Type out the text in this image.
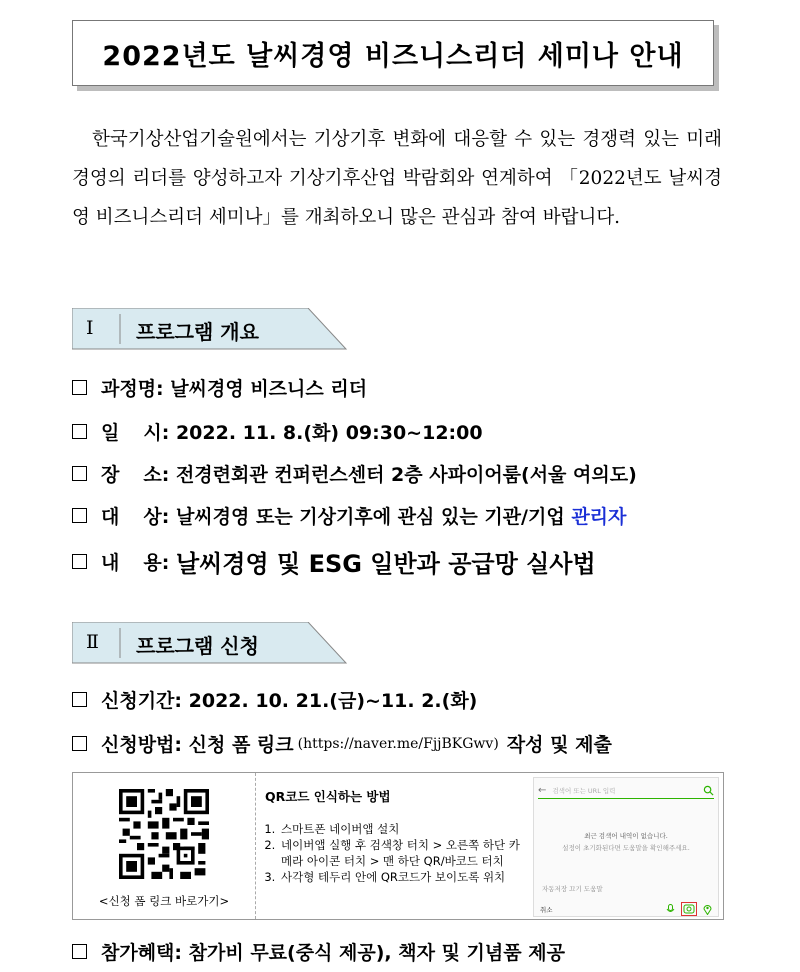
2022년도 날씨경영 비즈니스리더 세미나 안내

한국기상산업기술원에서는 기상기후 변화에 대응할 수 있는 경쟁력 있는 미래경영의 리더를 양성하고자 기상기후산업 박람회와 연계하여 「2022년도 날씨경영 비즈니스리더 세미나」를 개최하오니 많은 관심과 참여 바랍니다.

Ⅰ 프로그램 개요
과정명:
날씨경영 비즈니스 리더
일 시:
2022. 11. 8.(화) 09:30~12:00
장 소:
전경련회관 컨퍼런스센터 2층 사파이어룸(서울 여의도)
대 상:
날씨경영 또는 기상기후에 관심 있는 기관/기업
관리자
내 용:
날씨경영 및 ESG 일반과 공급망 실사법
Ⅱ 프로그램 신청
신청기간:
2022. 10. 21.(금)~11. 2.(화)
신청방법:
신청 폼 링크 (https://naver.me/FjjBKGwv) 작성 및 제출
<신청 폼 링크 바로가기>
QR코드 인식하는 방법
1. 스마트폰 네이버앱 설치
2. 네이버앱 실행 후 검색창 터치 > 오른쪽 하단 카메라 아이콘 터치 > 맨 하단 QR/바코드 터치
3. 사각형 테두리 안에 QR코드가 보이도록 위치
← 검색어 또는 URL 입력
최근 검색어 내역이 없습니다.
설정이 초기화된다면 도움말을 확인해주세요.
자동저장 끄기 도움말
취소
참가혜택:
참가비 무료(중식 제공), 책자 및 기념품 제공
